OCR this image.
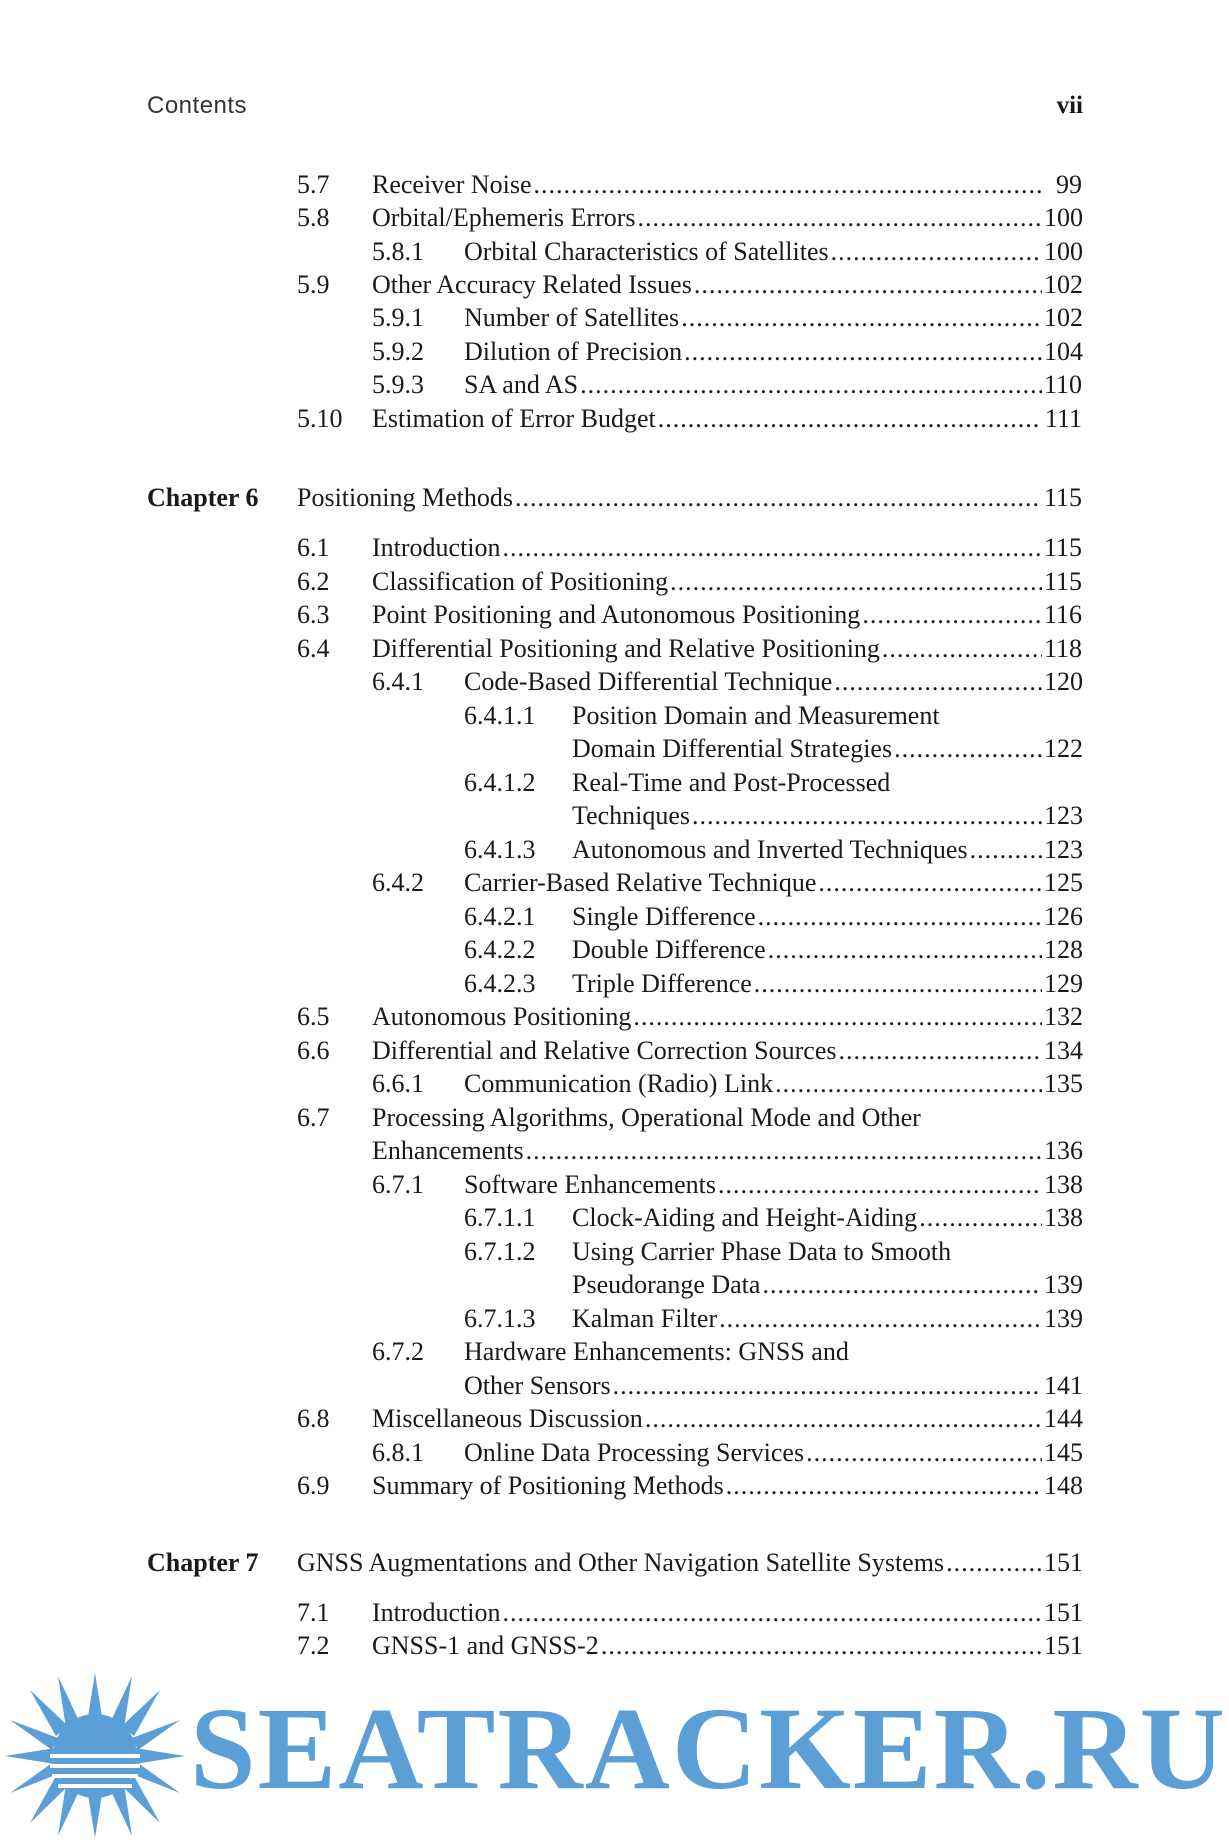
Contents	vii
5.7 Receiver Noise .....	99
5.8 Orbital/Ephemeris Errors .....	100
5.8.1 Orbital Characteristics of Satellites .....	100
5.9 Other Accuracy Related Issues .....	102
5.9.1 Number of Satellites .....	102
5.9.2 Dilution of Precision .....	104
5.9.3 SA and AS .....	110
5.10 Estimation of Error Budget .....	111
Chapter 6 Positioning Methods .....	115
6.1 Introduction .....	115
6.2 Classification of Positioning .....	115
6.3 Point Positioning and Autonomous Positioning .....	116
6.4 Differential Positioning and Relative Positioning .....	118
6.4.1 Code-Based Differential Technique .....	120
6.4.1.1 Position Domain and Measurement
Domain Differential Strategies .....	122
6.4.1.2 Real-Time and Post-Processed
Techniques .....	123
6.4.1.3 Autonomous and Inverted Techniques .....	123
6.4.2 Carrier-Based Relative Technique .....	125
6.4.2.1 Single Difference .....	126
6.4.2.2 Double Difference .....	128
6.4.2.3 Triple Difference .....	129
6.5 Autonomous Positioning .....	132
6.6 Differential and Relative Correction Sources .....	134
6.6.1 Communication (Radio) Link .....	135
6.7 Processing Algorithms, Operational Mode and Other
Enhancements .....	136
6.7.1 Software Enhancements .....	138
6.7.1.1 Clock-Aiding and Height-Aiding .....	138
6.7.1.2 Using Carrier Phase Data to Smooth
Pseudorange Data .....	139
6.7.1.3 Kalman Filter .....	139
6.7.2 Hardware Enhancements: GNSS and
Other Sensors .....	141
6.8 Miscellaneous Discussion .....	144
6.8.1 Online Data Processing Services .....	145
6.9 Summary of Positioning Methods .....	148
Chapter 7 GNSS Augmentations and Other Navigation Satellite Systems .....	151
7.1 Introduction .....	151
7.2 GNSS-1 and GNSS-2 .....	151
SEATRACKER.RU
